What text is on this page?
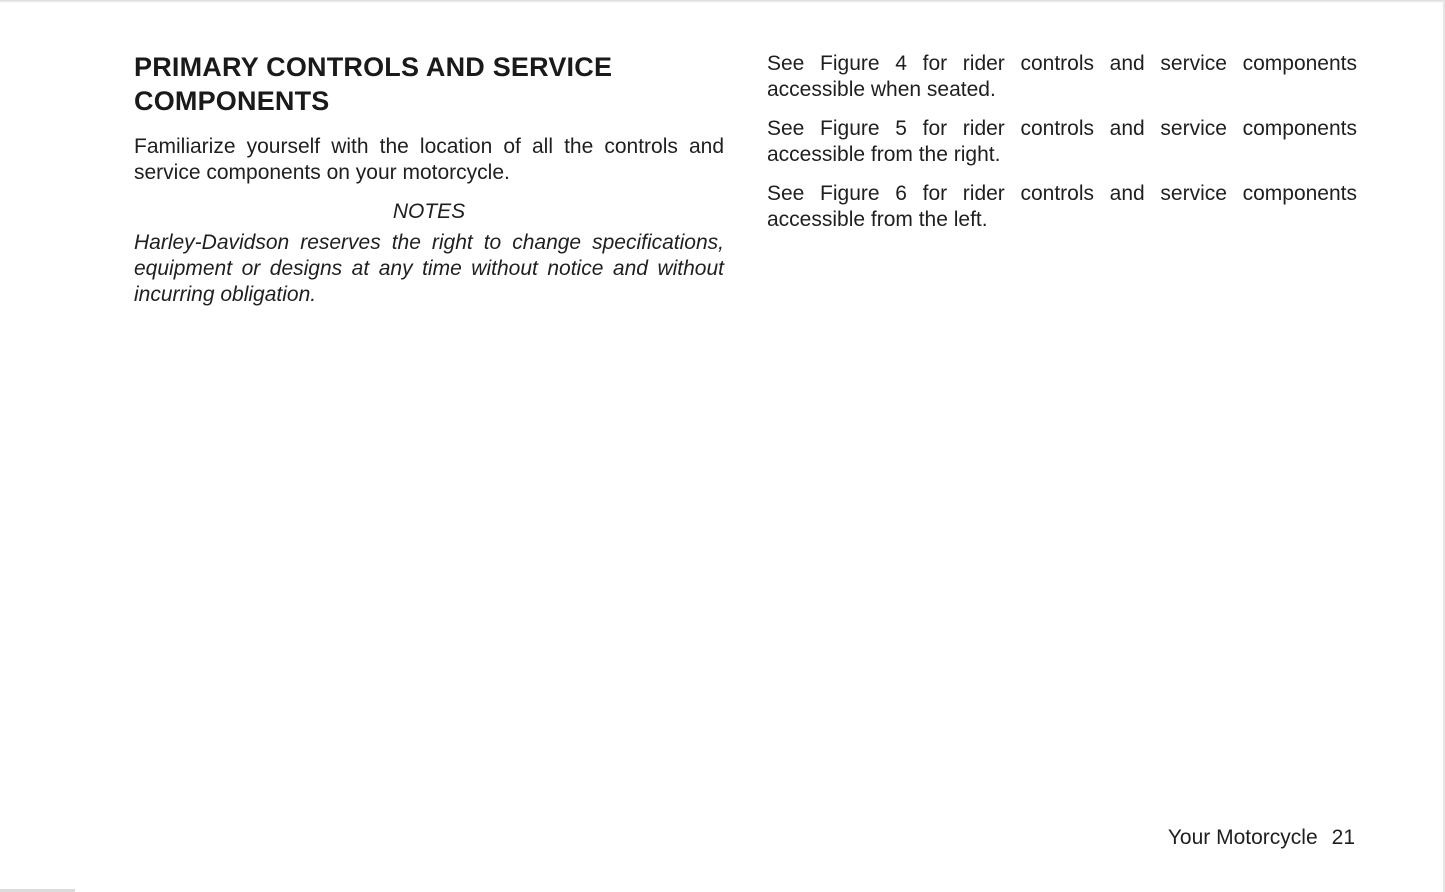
PRIMARY CONTROLS AND SERVICE
COMPONENTS

Familiarize yourself with the location of all the controls and service components on your motorcycle.

NOTES

Harley-Davidson reserves the right to change specifications, equipment or designs at any time without notice and without incurring obligation.

See Figure 4 for rider controls and service components accessible when seated.

See Figure 5 for rider controls and service components accessible from the right.

See Figure 6 for rider controls and service components accessible from the left.

Your Motorcycle 21
